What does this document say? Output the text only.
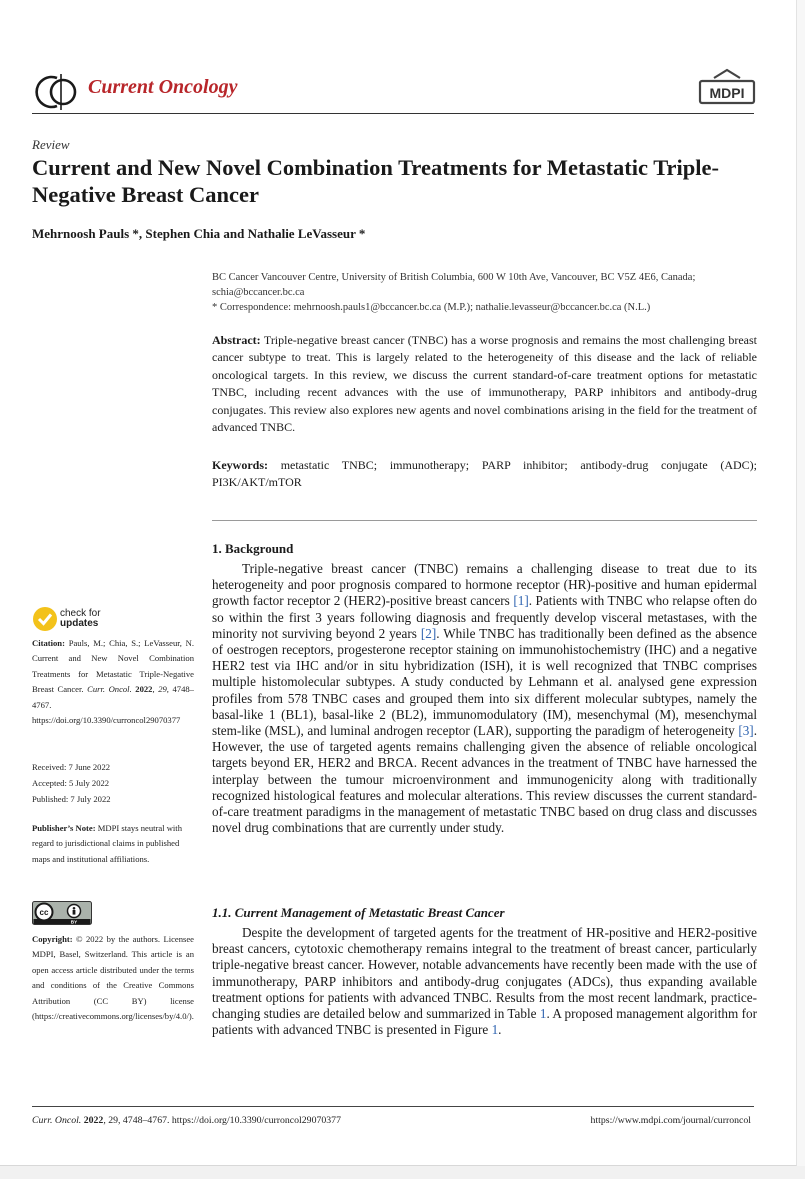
CO
Current Oncology	MDPI
Review
Current and New Novel Combination Treatments for Metastatic Triple-Negative Breast Cancer
Mehrnoosh Pauls *, Stephen Chia and Nathalie LeVasseur *
BC Cancer Vancouver Centre, University of British Columbia, 600 W 10th Ave, Vancouver, BC V5Z 4E6, Canada;
schia@bccancer.bc.ca
* Correspondence: mehrnoosh.pauls1@bccancer.bc.ca (M.P.); nathalie.levasseur@bccancer.bc.ca (N.L.)
Abstract: Triple-negative breast cancer (TNBC) has a worse prognosis and remains the most challenging breast cancer subtype to treat. This is largely related to the heterogeneity of this disease and the lack of reliable oncological targets. In this review, we discuss the current standard-of-care treatment options for metastatic TNBC, including recent advances with the use of immunotherapy, PARP inhibitors and antibody-drug conjugates. This review also explores new agents and novel combinations arising in the field for the treatment of advanced TNBC.
Keywords: metastatic TNBC; immunotherapy; PARP inhibitor; antibody-drug conjugate (ADC); PI3K/AKT/mTOR
check for
updates
Citation: Pauls, M.; Chia, S.; LeVasseur, N. Current and New Novel Combination Treatments for Metastatic Triple-Negative Breast Cancer. Curr. Oncol. 2022, 29, 4748–4767. https://doi.org/10.3390/curroncol29070377
Received: 7 June 2022
Accepted: 5 July 2022
Published: 7 July 2022
Publisher’s Note: MDPI stays neutral with regard to jurisdictional claims in published maps and institutional affiliations.
cc
BY
Copyright: © 2022 by the authors. Licensee MDPI, Basel, Switzerland. This article is an open access article distributed under the terms and conditions of the Creative Commons Attribution (CC BY) license (https://creativecommons.org/licenses/by/4.0/).
1. Background

Triple-negative breast cancer (TNBC) remains a challenging disease to treat due to its heterogeneity and poor prognosis compared to hormone receptor (HR)-positive and human epidermal growth factor receptor 2 (HER2)-positive breast cancers [1]. Patients with TNBC who relapse often do so within the first 3 years following diagnosis and frequently develop visceral metastases, with the minority not surviving beyond 2 years [2]. While TNBC has traditionally been defined as the absence of oestrogen receptors, progesterone receptor staining on immunohistochemistry (IHC) and a negative HER2 test via IHC and/or in situ hybridization (ISH), it is well recognized that TNBC comprises multiple histomolecular subtypes. A study conducted by Lehmann et al. analysed gene expression profiles from 578 TNBC cases and grouped them into six different molecular subtypes, namely the basal-like 1 (BL1), basal-like 2 (BL2), immunomodulatory (IM), mesenchymal (M), mesenchymal stem-like (MSL), and luminal androgen receptor (LAR), supporting the paradigm of heterogeneity [3]. However, the use of targeted agents remains challenging given the absence of reliable oncological targets beyond ER, HER2 and BRCA. Recent advances in the treatment of TNBC have harnessed the interplay between the tumour microenvironment and immunogenicity along with traditionally recognized histological features and molecular alterations. This review discusses the current standard-of-care treatment paradigms in the management of metastatic TNBC based on drug class and discusses novel drug combinations that are currently under study.

1.1. Current Management of Metastatic Breast Cancer

Despite the development of targeted agents for the treatment of HR-positive and HER2-positive breast cancers, cytotoxic chemotherapy remains integral to the treatment of breast cancer, particularly triple-negative breast cancer. However, notable advancements have recently been made with the use of immunotherapy, PARP inhibitors and antibody-drug conjugates (ADCs), thus expanding available treatment options for patients with advanced TNBC. Results from the most recent landmark, practice-changing studies are detailed below and summarized in Table 1. A proposed management algorithm for patients with advanced TNBC is presented in Figure 1.

Curr. Oncol. 2022, 29, 4748–4767. https://doi.org/10.3390/curroncol29070377	https://www.mdpi.com/journal/curroncol
